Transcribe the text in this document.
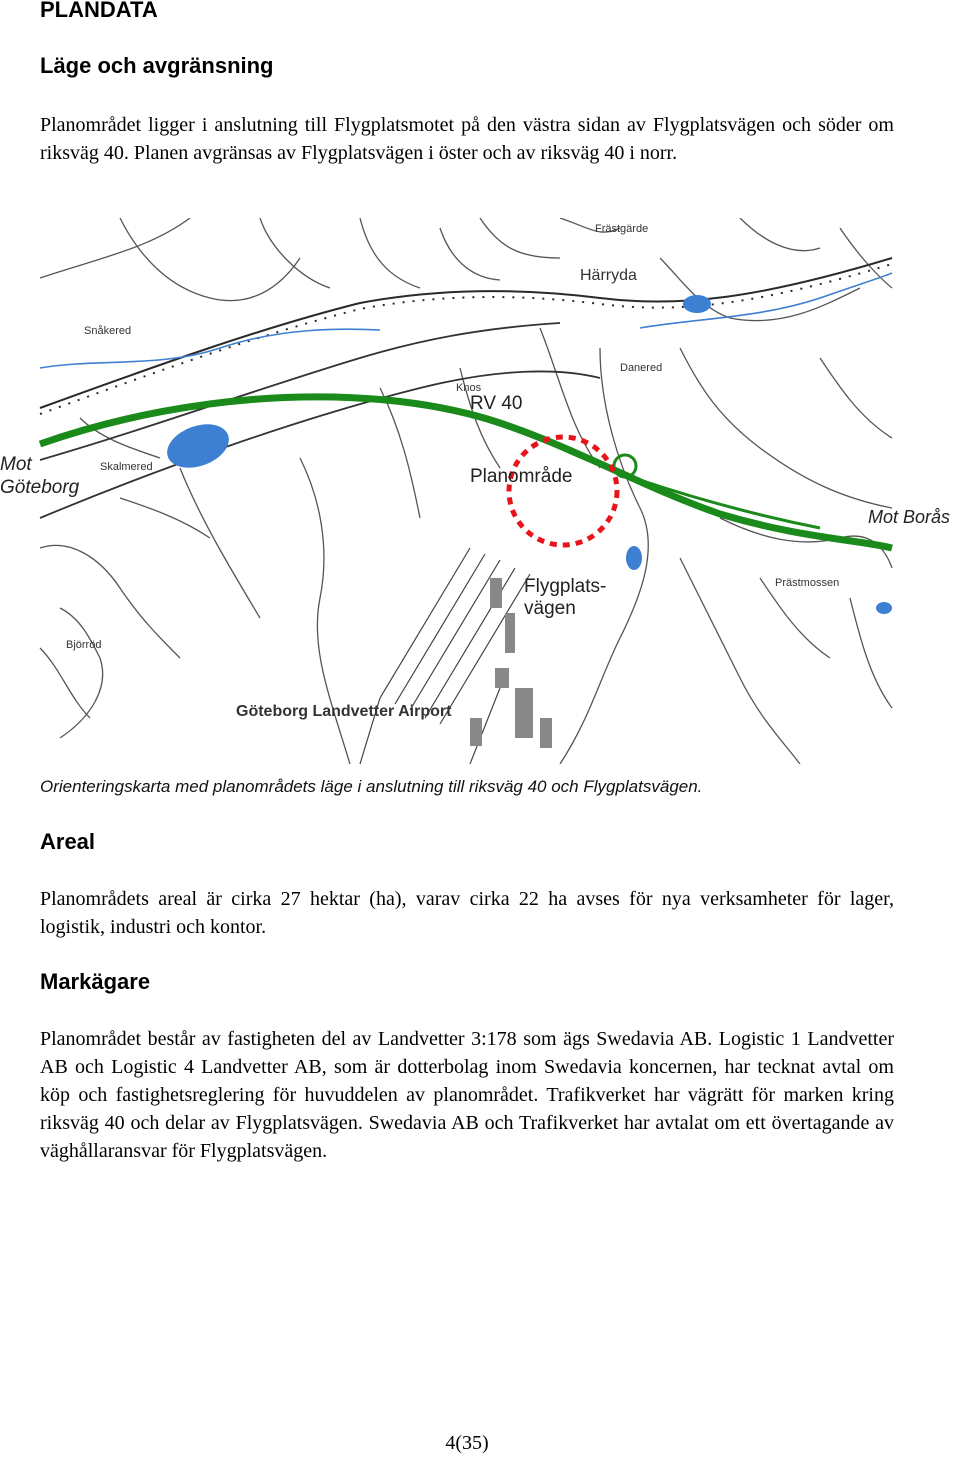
PLANDATA
Läge och avgränsning
Planområdet ligger i anslutning till Flygplatsmotet på den västra sidan av Flygplatsvägen och söder om riksväg 40. Planen avgränsas av Flygplatsvägen i öster och av riksväg 40 i norr.
Mot
Göteborg
Mot Borås
RV 40
Planområde
Flygplats-
vägen
Göteborg Landvetter Airport
Härryda
Frästgärde
Snåkered
Skalmered
Knos
Danered
Prästmossen
Björröd
Orienteringskarta med planområdets läge i anslutning till riksväg 40 och Flygplatsvägen.
Areal
Planområdets areal är cirka 27 hektar (ha), varav cirka 22 ha avses för nya verksamheter för lager, logistik, industri och kontor.
Markägare
Planområdet består av fastigheten del av Landvetter 3:178 som ägs Swedavia AB. Logistic 1 Landvetter AB och Logistic 4 Landvetter AB, som är dotterbolag inom Swedavia koncernen, har tecknat avtal om köp och fastighetsreglering för huvuddelen av planområdet. Trafikverket har vägrätt för marken kring riksväg 40 och delar av Flygplatsvägen. Swedavia AB och Trafikverket har avtalat om ett övertagande av väghållaransvar för Flygplatsvägen.
4(35)
